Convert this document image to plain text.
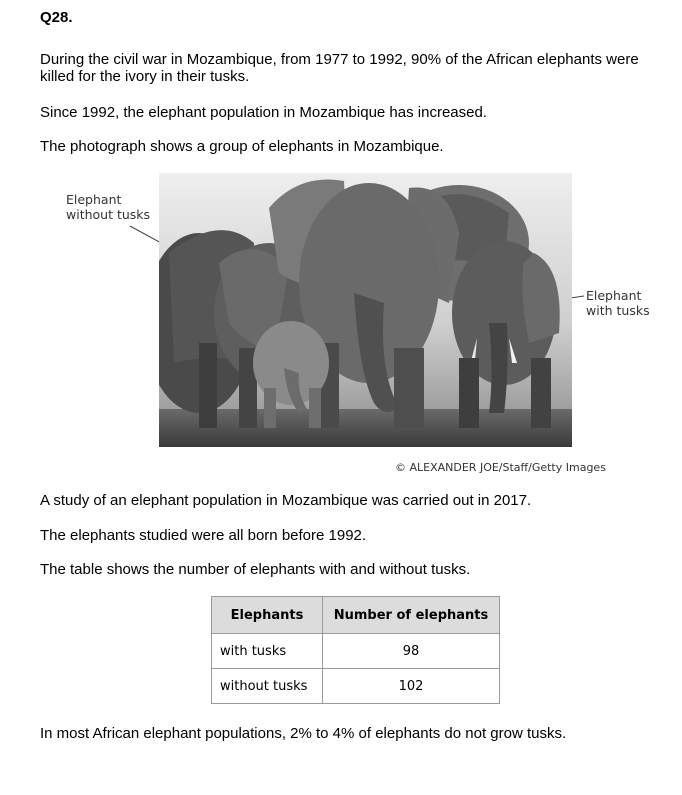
Q28.
During the civil war in Mozambique, from 1977 to 1992, 90% of the African elephants were killed for the ivory in their tusks.
Since 1992, the elephant population in Mozambique has increased.
The photograph shows a group of elephants in Mozambique.
Elephant
without tusks
Elephant
with tusks
© ALEXANDER JOE/Staff/Getty Images
A study of an elephant population in Mozambique was carried out in 2017.
The elephants studied were all born before 1992.
The table shows the number of elephants with and without tusks.
Elephants	Number of elephants
with tusks	98
without tusks	102
In most African elephant populations, 2% to 4% of elephants do not grow tusks.
